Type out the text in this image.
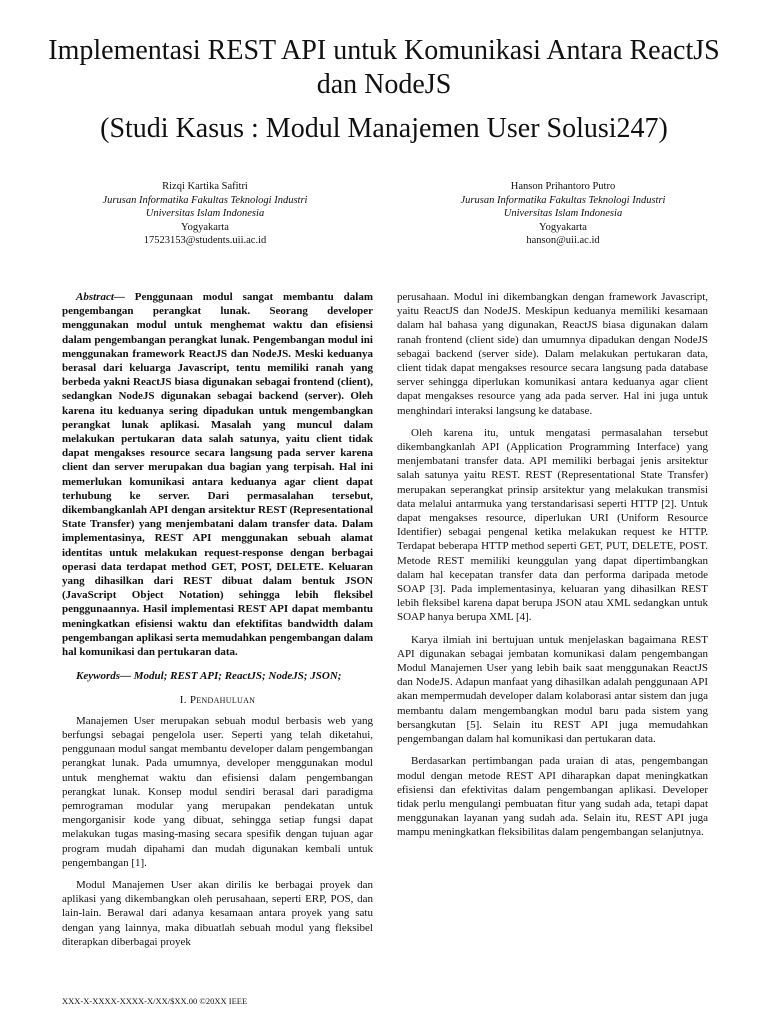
Implementasi REST API untuk Komunikasi Antara ReactJS dan NodeJS
(Studi Kasus : Modul Manajemen User Solusi247)
Rizqi Kartika Safitri
Jurusan Informatika Fakultas Teknologi Industri
Universitas Islam Indonesia
Yogyakarta
17523153@students.uii.ac.id
Hanson Prihantoro Putro
Jurusan Informatika Fakultas Teknologi Industri
Universitas Islam Indonesia
Yogyakarta
hanson@uii.ac.id

Abstract— Penggunaan modul sangat membantu dalam pengembangan perangkat lunak. Seorang developer menggunakan modul untuk menghemat waktu dan efisiensi dalam pengembangan perangkat lunak. Pengembangan modul ini menggunakan framework ReactJS dan NodeJS. Meski keduanya berasal dari keluarga Javascript, tentu memiliki ranah yang berbeda yakni ReactJS biasa digunakan sebagai frontend (client), sedangkan NodeJS digunakan sebagai backend (server). Oleh karena itu keduanya sering dipadukan untuk mengembangkan perangkat lunak aplikasi. Masalah yang muncul dalam melakukan pertukaran data salah satunya, yaitu client tidak dapat mengakses resource secara langsung pada server karena client dan server merupakan dua bagian yang terpisah. Hal ini memerlukan komunikasi antara keduanya agar client dapat terhubung ke server. Dari permasalahan tersebut, dikembangkanlah API dengan arsitektur REST (Representational State Transfer) yang menjembatani dalam transfer data. Dalam implementasinya, REST API menggunakan sebuah alamat identitas untuk melakukan request-response dengan berbagai operasi data terdapat method GET, POST, DELETE. Keluaran yang dihasilkan dari REST dibuat dalam bentuk JSON (JavaScript Object Notation) sehingga lebih fleksibel penggunaannya. Hasil implementasi REST API dapat membantu meningkatkan efisiensi waktu dan efektifitas bandwidth dalam pengembangan aplikasi serta memudahkan pengembangan dalam hal komunikasi dan pertukaran data.

Keywords— Modul; REST API; ReactJS; NodeJS; JSON;

I. Pendahuluan

Manajemen User merupakan sebuah modul berbasis web yang berfungsi sebagai pengelola user. Seperti yang telah diketahui, penggunaan modul sangat membantu developer dalam pengembangan perangkat lunak. Pada umumnya, developer menggunakan modul untuk menghemat waktu dan efisiensi dalam pengembangan perangkat lunak. Konsep modul sendiri berasal dari paradigma pemrograman modular yang merupakan pendekatan untuk mengorganisir kode yang dibuat, sehingga setiap fungsi dapat melakukan tugas masing-masing secara spesifik dengan tujuan agar program mudah dipahami dan mudah digunakan kembali untuk pengembangan [1].

Modul Manajemen User akan dirilis ke berbagai proyek dan aplikasi yang dikembangkan oleh perusahaan, seperti ERP, POS, dan lain-lain. Berawal dari adanya kesamaan antara proyek yang satu dengan yang lainnya, maka dibuatlah sebuah modul yang fleksibel diterapkan diberbagai proyek

perusahaan. Modul ini dikembangkan dengan framework Javascript, yaitu ReactJS dan NodeJS. Meskipun keduanya memiliki kesamaan dalam hal bahasa yang digunakan, ReactJS biasa digunakan dalam ranah frontend (client side) dan umumnya dipadukan dengan NodeJS sebagai backend (server side). Dalam melakukan pertukaran data, client tidak dapat mengakses resource secara langsung pada database server sehingga diperlukan komunikasi antara keduanya agar client dapat mengakses resource yang ada pada server. Hal ini juga untuk menghindari interaksi langsung ke database.

Oleh karena itu, untuk mengatasi permasalahan tersebut dikembangkanlah API (Application Programming Interface) yang menjembatani transfer data. API memiliki berbagai jenis arsitektur salah satunya yaitu REST. REST (Representational State Transfer) merupakan seperangkat prinsip arsitektur yang melakukan transmisi data melalui antarmuka yang terstandarisasi seperti HTTP [2]. Untuk dapat mengakses resource, diperlukan URI (Uniform Resource Identifier) sebagai pengenal ketika melakukan request ke HTTP. Terdapat beberapa HTTP method seperti GET, PUT, DELETE, POST. Metode REST memiliki keunggulan yang dapat dipertimbangkan dalam hal kecepatan transfer data dan performa daripada metode SOAP [3]. Pada implementasinya, keluaran yang dihasilkan REST lebih fleksibel karena dapat berupa JSON atau XML sedangkan untuk SOAP hanya berupa XML [4].

Karya ilmiah ini bertujuan untuk menjelaskan bagaimana REST API digunakan sebagai jembatan komunikasi dalam pengembangan Modul Manajemen User yang lebih baik saat menggunakan ReactJS dan NodeJS. Adapun manfaat yang dihasilkan adalah penggunaan API akan mempermudah developer dalam kolaborasi antar sistem dan juga membantu dalam mengembangkan modul baru pada sistem yang bersangkutan [5]. Selain itu REST API juga memudahkan pengembangan dalam hal komunikasi dan pertukaran data.

Berdasarkan pertimbangan pada uraian di atas, pengembangan modul dengan metode REST API diharapkan dapat meningkatkan efisiensi dan efektivitas dalam pengembangan aplikasi. Developer tidak perlu mengulangi pembuatan fitur yang sudah ada, tetapi dapat menggunakan layanan yang sudah ada. Selain itu, REST API juga mampu meningkatkan fleksibilitas dalam pengembangan selanjutnya.

XXX-X-XXXX-XXXX-X/XX/$XX.00 ©20XX IEEE
